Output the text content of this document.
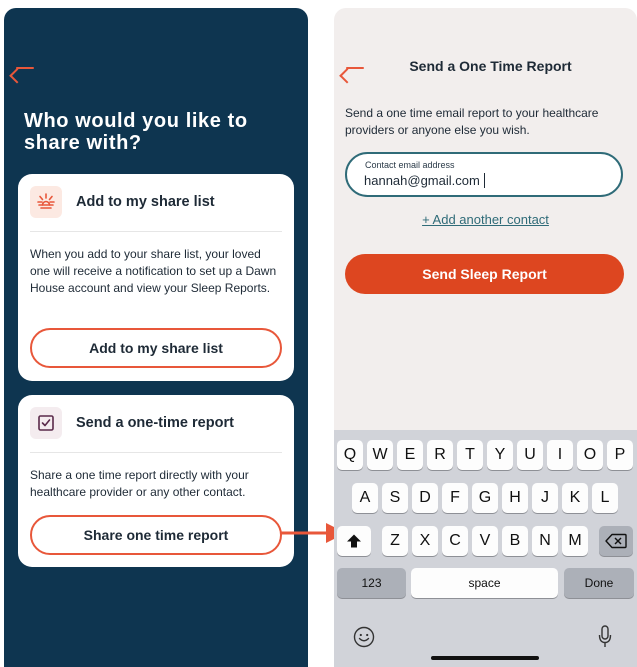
Who would you like to share with?
Add to my share list
When you add to your share list, your loved one will receive a notification to set up a Dawn House account and view your Sleep Reports.
Add to my share list
Send a one-time report
Share a one time report directly with your healthcare provider or any other contact.
Share one time report
Send a One Time Report
Send a one time email report to your healthcare providers or anyone else you wish.
Contact email address
hannah@gmail.com
+ Add another contact
Send Sleep Report
Q	W	E	R	T	Y	U	I	O	P
A	S	D	F	G	H	J	K	L
Z	X	C	V	B	N	M
123	space	Done
